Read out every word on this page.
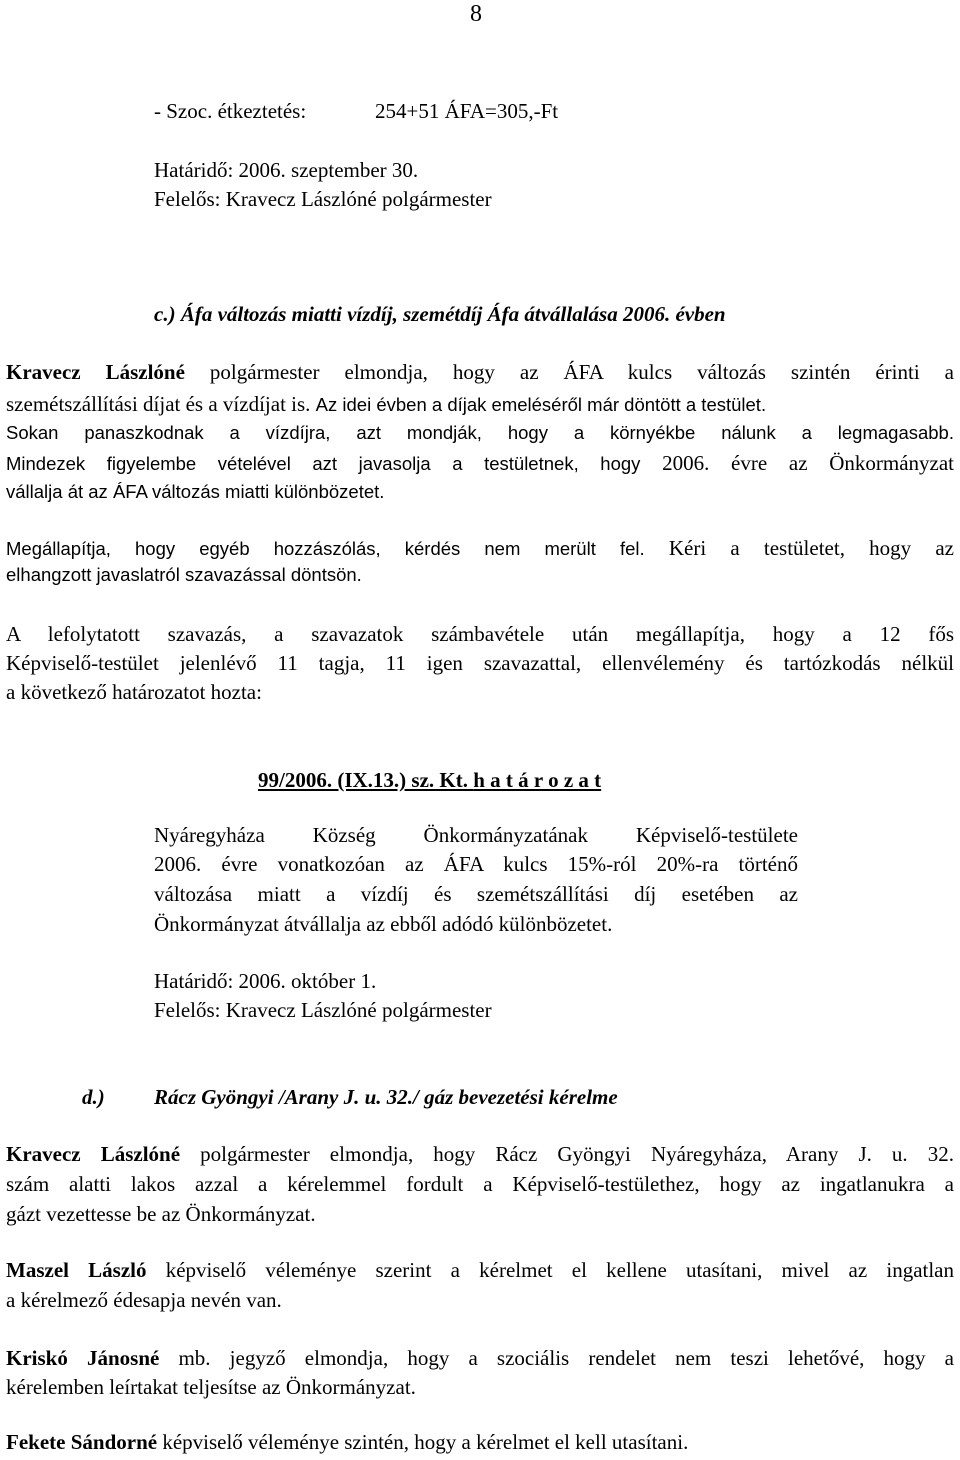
8
- Szoc. étkeztetés:	254+51 ÁFA=305,-Ft
Határidő: 2006. szeptember 30.
Felelős: Kravecz Lászlóné polgármester
c.) Áfa változás miatti vízdíj, szemétdíj Áfa átvállalása 2006. évben
Kravecz Lászlóné polgármester elmondja, hogy az ÁFA kulcs változás szintén érinti a
szemétszállítási díjat és a vízdíjat is. Az idei évben a díjak emeléséről már döntött a testület.
Sokan panaszkodnak a vízdíjra, azt mondják, hogy a környékbe nálunk a legmagasabb.
Mindezek figyelembe vételével azt javasolja a testületnek, hogy 2006. évre az Önkormányzat
vállalja át az ÁFA változás miatti különbözetet.
Megállapítja, hogy egyéb hozzászólás, kérdés nem merült fel. Kéri a testületet, hogy az
elhangzott javaslatról szavazással döntsön.
A lefolytatott szavazás, a szavazatok számbavétele után megállapítja, hogy a 12 fős
Képviselő-testület jelenlévő 11 tagja, 11 igen szavazattal, ellenvélemény és tartózkodás nélkül
a következő határozatot hozta:
99/2006. (IX.13.) sz. Kt. h a t á r o z a t
Nyáregyháza Község Önkormányzatának Képviselő-testülete
2006. évre vonatkozóan az ÁFA kulcs 15%-ról 20%-ra történő
változása miatt a vízdíj és szemétszállítási díj esetében az
Önkormányzat átvállalja az ebből adódó különbözetet.
Határidő: 2006. október 1.
Felelős: Kravecz Lászlóné polgármester
d.) Rácz Gyöngyi /Arany J. u. 32./ gáz bevezetési kérelme
Kravecz Lászlóné polgármester elmondja, hogy Rácz Gyöngyi Nyáregyháza, Arany J. u. 32.
szám alatti lakos azzal a kérelemmel fordult a Képviselő-testülethez, hogy az ingatlanukra a
gázt vezettesse be az Önkormányzat.
Maszel László képviselő véleménye szerint a kérelmet el kellene utasítani, mivel az ingatlan
a kérelmező édesapja nevén van.
Kriskó Jánosné mb. jegyző elmondja, hogy a szociális rendelet nem teszi lehetővé, hogy a
kérelemben leírtakat teljesítse az Önkormányzat.
Fekete Sándorné képviselő véleménye szintén, hogy a kérelmet el kell utasítani.
